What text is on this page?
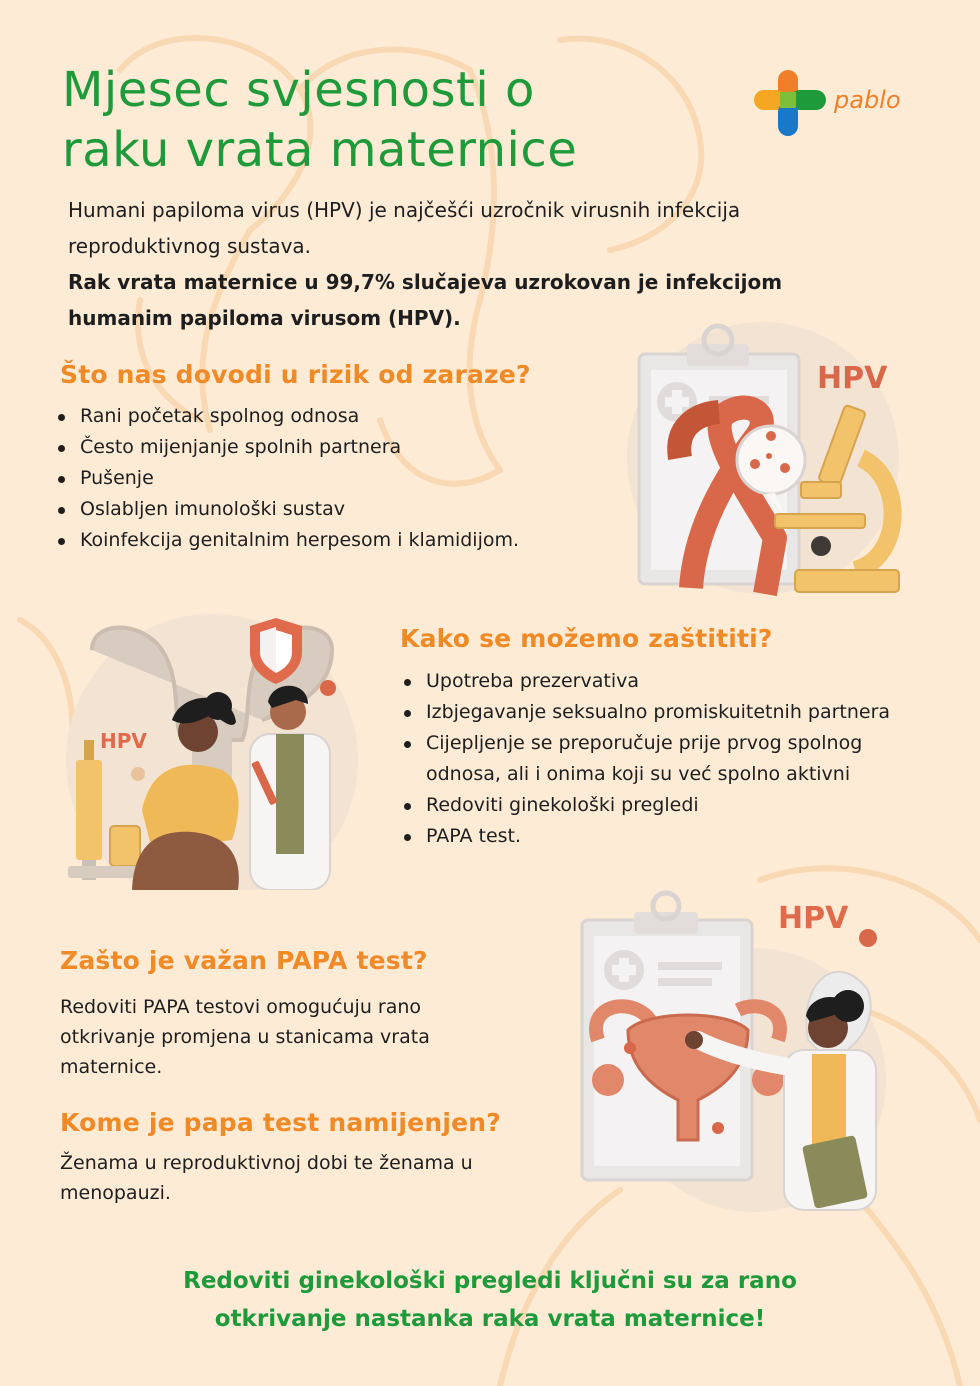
Mjesec svjesnosti o
raku vrata maternice
pablo

Humani papiloma virus (HPV) je najčešći uzročnik virusnih infekcija reproduktivnog sustava.

Rak vrata maternice u 99,7% slučajeva uzrokovan je infekcijom humanim papiloma virusom (HPV).

Što nas dovodi u rizik od zaraze?
Rani početak spolnog odnosa
Često mijenjanje spolnih partnera
Pušenje
Oslabljen imunološki sustav
Koinfekcija genitalnim herpesom i klamidijom.
HPV
HPV
Kako se možemo zaštititi?
Upotreba prezervativa
Izbjegavanje seksualno promiskuitetnih partnera
Cijepljenje se preporučuje prije prvog spolnog odnosa, ali i onima koji su već spolno aktivni
Redoviti ginekološki pregledi
PAPA test.
Zašto je važan PAPA test?
Redoviti PAPA testovi omogućuju rano otkrivanje promjena u stanicama vrata maternice.
Kome je papa test namijenjen?
Ženama u reproduktivnoj dobi te ženama u menopauzi.
HPV
Redoviti ginekološki pregledi ključni su za rano
otkrivanje nastanka raka vrata maternice!
